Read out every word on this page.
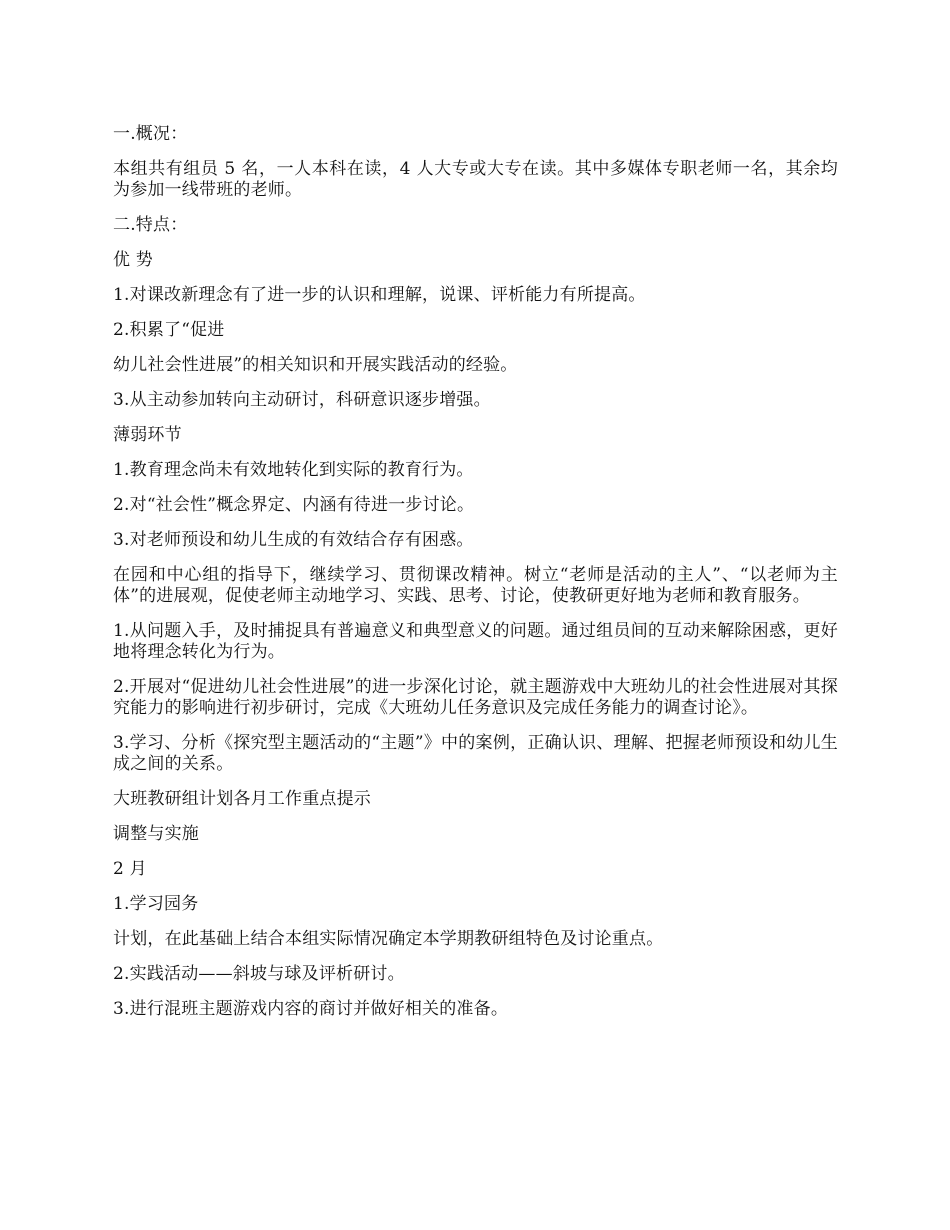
一.概况：

本组共有组员 5 名，一人本科在读，4 人大专或大专在读。其中多媒体专职老师一名，其余均为参加一线带班的老师。

二.特点：

优 势

1.对课改新理念有了进一步的认识和理解，说课、评析能力有所提高。

2.积累了“促进

幼儿社会性进展”的相关知识和开展实践活动的经验。

3.从主动参加转向主动研讨，科研意识逐步增强。

薄弱环节

1.教育理念尚未有效地转化到实际的教育行为。

2.对“社会性”概念界定、内涵有待进一步讨论。

3.对老师预设和幼儿生成的有效结合存有困惑。

在园和中心组的指导下，继续学习、贯彻课改精神。树立“老师是活动的主人”、“以老师为主体”的进展观，促使老师主动地学习、实践、思考、讨论，使教研更好地为老师和教育服务。

1.从问题入手，及时捕捉具有普遍意义和典型意义的问题。通过组员间的互动来解除困惑，更好地将理念转化为行为。

2.开展对“促进幼儿社会性进展”的进一步深化讨论，就主题游戏中大班幼儿的社会性进展对其探究能力的影响进行初步研讨，完成《大班幼儿任务意识及完成任务能力的调查讨论》。

3.学习、分析《探究型主题活动的“主题”》中的案例，正确认识、理解、把握老师预设和幼儿生成之间的关系。

大班教研组计划各月工作重点提示

调整与实施

2 月

1.学习园务

计划，在此基础上结合本组实际情况确定本学期教研组特色及讨论重点。

2.实践活动——斜坡与球及评析研讨。

3.进行混班主题游戏内容的商讨并做好相关的准备。
